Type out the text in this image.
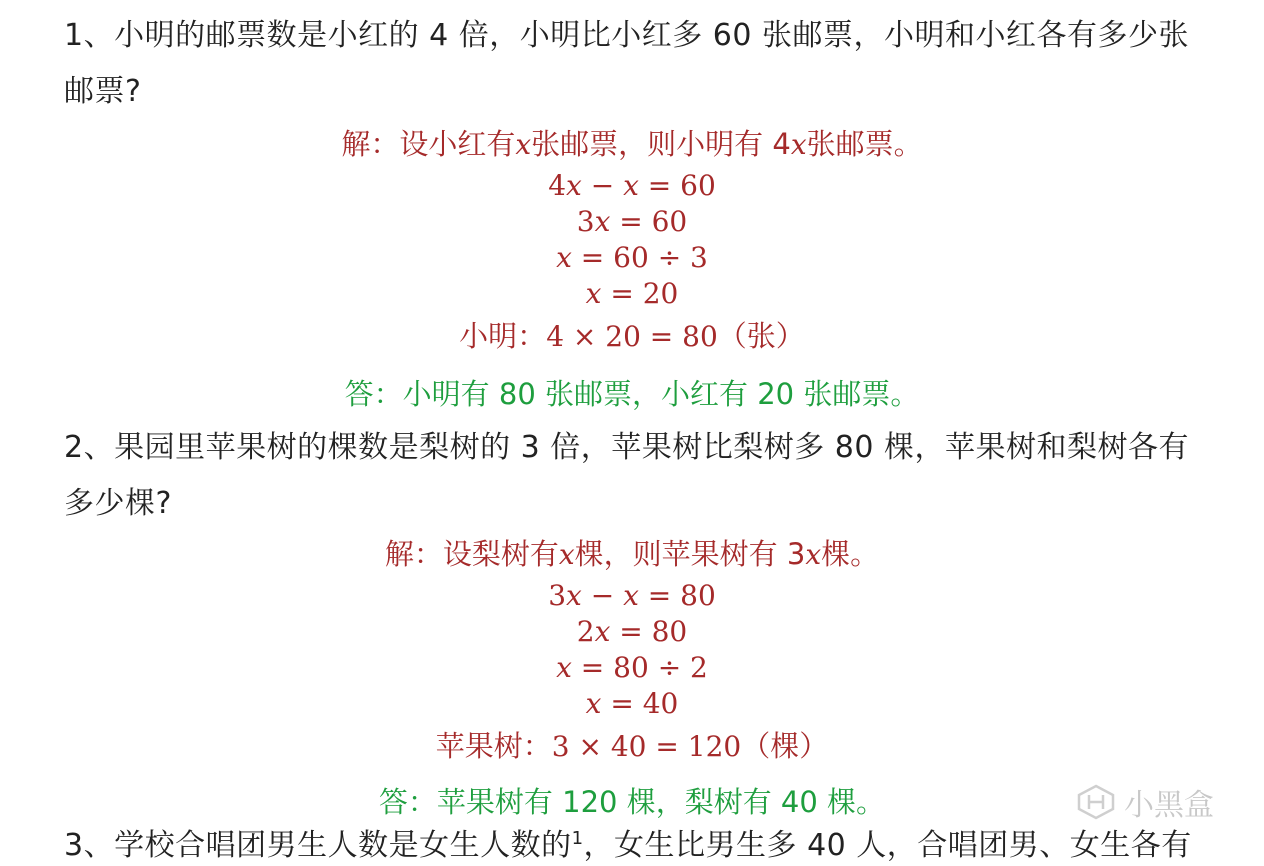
1、小明的邮票数是小红的 4 倍，小明比小红多 60 张邮票，小明和小红各有多少张邮票?
解：设小红有x张邮票，则小明有 4x张邮票。
4x − x = 60
3x = 60
x = 60 ÷ 3
x = 20
小明：4 × 20 = 80（张）
答：小明有 80 张邮票，小红有 20 张邮票。
2、果园里苹果树的棵数是梨树的 3 倍，苹果树比梨树多 80 棵，苹果树和梨树各有多少棵?
解：设梨树有x棵，则苹果树有 3x棵。
3x − x = 80
2x = 80
x = 80 ÷ 2
x = 40
苹果树：3 × 40 = 120（棵）
答：苹果树有 120 棵，梨树有 40 棵。
3、学校合唱团男生人数是女生人数的1，女生比男生多 40 人，合唱团男、女生各有
小黑盒
